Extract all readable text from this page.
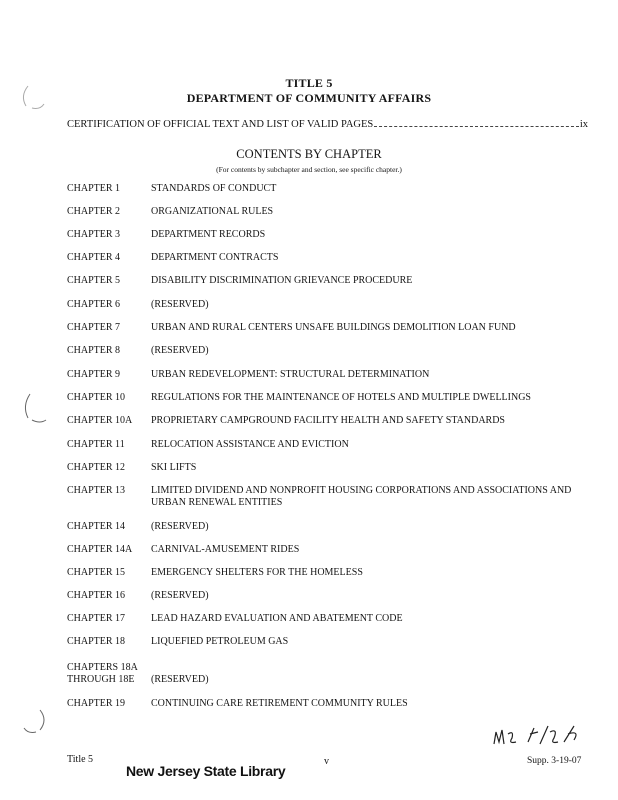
TITLE 5
DEPARTMENT OF COMMUNITY AFFAIRS
CERTIFICATION OF OFFICIAL TEXT AND LIST OF VALID PAGES	ix
CONTENTS BY CHAPTER
(For contents by subchapter and section, see specific chapter.)
CHAPTER 1	STANDARDS OF CONDUCT
CHAPTER 2	ORGANIZATIONAL RULES
CHAPTER 3	DEPARTMENT RECORDS
CHAPTER 4	DEPARTMENT CONTRACTS
CHAPTER 5	DISABILITY DISCRIMINATION GRIEVANCE PROCEDURE
CHAPTER 6	(RESERVED)
CHAPTER 7	URBAN AND RURAL CENTERS UNSAFE BUILDINGS DEMOLITION LOAN FUND
CHAPTER 8	(RESERVED)
CHAPTER 9	URBAN REDEVELOPMENT: STRUCTURAL DETERMINATION
CHAPTER 10	REGULATIONS FOR THE MAINTENANCE OF HOTELS AND MULTIPLE DWELLINGS
CHAPTER 10A	PROPRIETARY CAMPGROUND FACILITY HEALTH AND SAFETY STANDARDS
CHAPTER 11	RELOCATION ASSISTANCE AND EVICTION
CHAPTER 12	SKI LIFTS
CHAPTER 13	LIMITED DIVIDEND AND NONPROFIT HOUSING CORPORATIONS AND ASSOCIATIONS AND URBAN RENEWAL ENTITIES
CHAPTER 14	(RESERVED)
CHAPTER 14A	CARNIVAL-AMUSEMENT RIDES
CHAPTER 15	EMERGENCY SHELTERS FOR THE HOMELESS
CHAPTER 16	(RESERVED)
CHAPTER 17	LEAD HAZARD EVALUATION AND ABATEMENT CODE
CHAPTER 18	LIQUEFIED PETROLEUM GAS
CHAPTERS 18A
THROUGH 18E	(RESERVED)
CHAPTER 19	CONTINUING CARE RETIREMENT COMMUNITY RULES
Title 5
New Jersey State Library
v	Supp. 3-19-07
